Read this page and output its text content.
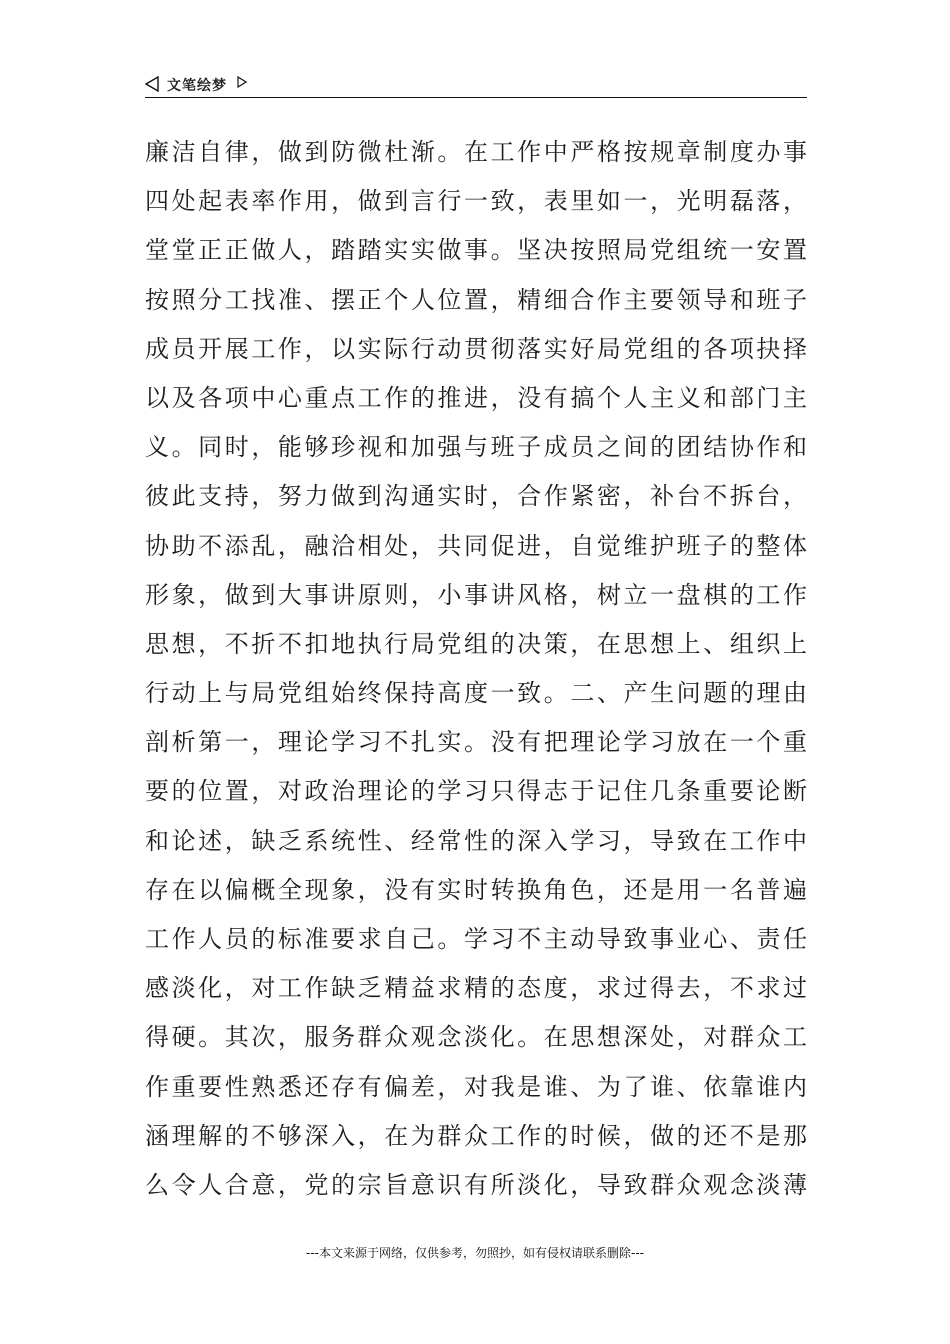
文笔绘梦
廉洁自律，做到防微杜渐。在工作中严格按规章制度办事
四处起表率作用，做到言行一致，表里如一，光明磊落，
堂堂正正做人，踏踏实实做事。坚决按照局党组统一安置
按照分工找准、摆正个人位置，精细合作主要领导和班子
成员开展工作，以实际行动贯彻落实好局党组的各项抉择
以及各项中心重点工作的推进，没有搞个人主义和部门主
义。同时，能够珍视和加强与班子成员之间的团结协作和
彼此支持，努力做到沟通实时，合作紧密，补台不拆台，
协助不添乱，融洽相处，共同促进，自觉维护班子的整体
形象，做到大事讲原则，小事讲风格，树立一盘棋的工作
思想，不折不扣地执行局党组的决策，在思想上、组织上
行动上与局党组始终保持高度一致。二、产生问题的理由
剖析第一，理论学习不扎实。没有把理论学习放在一个重
要的位置，对政治理论的学习只得志于记住几条重要论断
和论述，缺乏系统性、经常性的深入学习，导致在工作中
存在以偏概全现象，没有实时转换角色，还是用一名普遍
工作人员的标准要求自己。学习不主动导致事业心、责任
感淡化，对工作缺乏精益求精的态度，求过得去，不求过
得硬。其次，服务群众观念淡化。在思想深处，对群众工
作重要性熟悉还存有偏差，对我是谁、为了谁、依靠谁内
涵理解的不够深入，在为群众工作的时候，做的还不是那
么令人合意，党的宗旨意识有所淡化，导致群众观念淡薄
---本文来源于网络，仅供参考，勿照抄，如有侵权请联系删除---
